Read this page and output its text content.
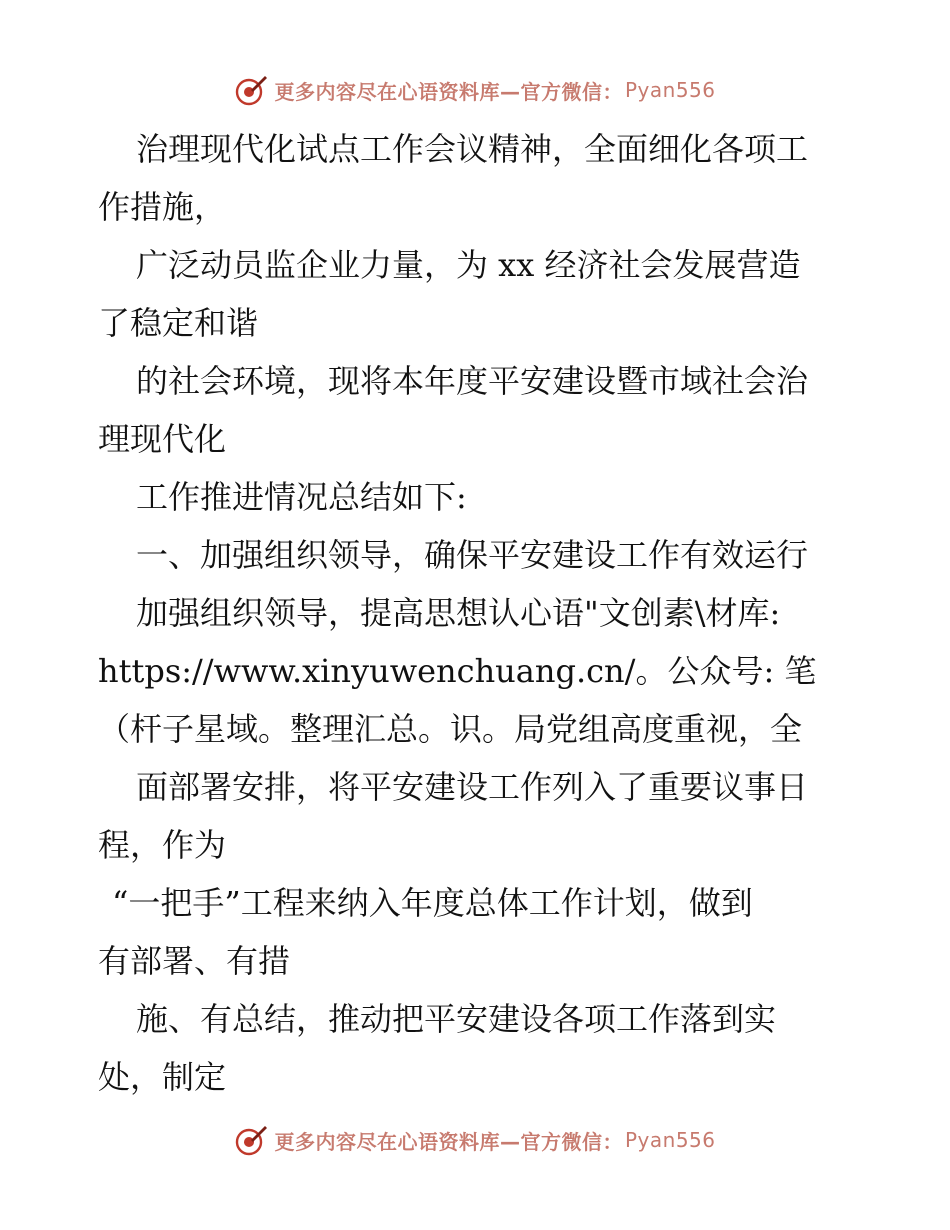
更多内容尽在心语资料库—官方微信： Pyan556
治理现代化试点工作会议精神，全面细化各项工
作措施，
广泛动员监企业力量，为 xx 经济社会发展营造
了稳定和谐
的社会环境，现将本年度平安建设暨市域社会治
理现代化
工作推进情况总结如下:
一、加强组织领导，确保平安建设工作有效运行
加强组织领导，提高思想认心语"文创素\材库:
https://www.xinyuwenchuang.cn/。公众号: 笔
（杆子星域。整理汇总。识。局党组高度重视，全
面部署安排，将平安建设工作列入了重要议事日
程，作为
“一把手”工程来纳入年度总体工作计划，做到
有部署、有措
施、有总结，推动把平安建设各项工作落到实
处，制定
更多内容尽在心语资料库—官方微信： Pyan556
